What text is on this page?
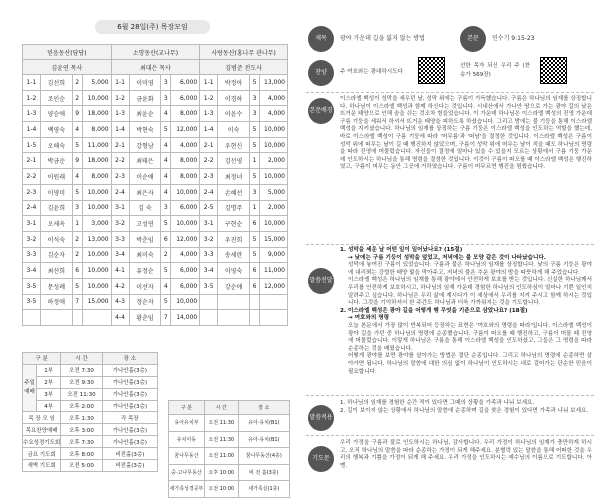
6월 28일(주) 목장모임
믿음동산(담당)				소망동산(교나무)				사랑동산(홍나무 관나무)			
김윤연 목사				최대은 목사				김범준 전도사			
1-1	김선희	2	5,000	1-1	이미영	3	6,000	1-1	박정아	5	13,000
1-2	조인순	2	10,000	1-2	금윤화	3	6,000	1-2	이경하	3	4,000
1-3	양승애	9	18,000	1-3	최윤순	4	8,000	1-3	이윤수	3	4,000
1-4	백영숙	4	8,000	1-4	박현숙	5	12,000	1-4	이숙	5	10,000
1-5	오해숙	5	11,000	2-1	강형남	4	4,000	2-1	우현신	5	10,000
2-1	박금순	9	18,000	2-2	최태은	4	8,000	2-2	김선영	1	2,000
2-2	이원래	4	8,000	2-3	이순애	4	8,000	2-3	최정녀	5	10,000
2-3	이영미	5	10,000	2-4	최은자	4	10,000	2-4	손혜선	3	5,000
2-4	김윤희	3	10,000	3-1	김 숙	3	6,000	2-5	김명주	1	2,000
3-1	오세옥	1	3,000	3-2	고성연	5	10,000	3-1	구현순	6	10,000
3-2	이석숙	2	13,000	3-3	박춘임	6	12,000	3-2	우진희	5	15,000
3-3	김순자	2	10,000	3-4	최미숙	2	4,000	3-3	송세란	5	9,000
3-4	최선희	6	10,000	4-1	유정순	5	6,000	3-4	이영숙	6	11,000
3-5	문성례	5	10,000	4-2	이선자	4	6,000	3-5	강순애	6	12,000
3-5	하정애	7	15,000	4-3	정순자	5	10,000				
				4-4	황춘임	7	14,000				
구 분		시 간	장 소
주일예배	1부	오전 7:30	가나안홀(3층)
	2부	오전 9:30	가나안홀(3층)
	3부	오전 11:30	가나안홀(3층)
	4부	오후 2:00	가나안홀(3층)
목 장 모 임		오후 1:30	각 목장
목요찬양예배		오후 3:00	가나안홀(3층)
수요성경기도회		오후 7:30	가나안홀(3층)
금요 기도회		오후 8:00	비전홀(3층)
새벽 기도회		오전 5:00	비전홀(3층)
구 분	시 간	장 소
유아유치부	오전 11:30	유아·유치(B1)
유치아동	오전 11:30	유아·유치(B1)
꿈나무동산	오전 11:00	꿈나무동산(4층)
중·고나무동산	오후 10:00	비 전 홀(3층)
새가족성경공부	오전 10:00	새가족실(1층)
제목	광야 가운데 길을 잃지 않는 방법	본문	민수기 9:15-23
찬양	주 여호와는 광대하시도다
선한 목자 되신 우리 주 (찬송가 569장)
본문배경
이스라엘 백성이 성막을 세우던 날, 성막 위에는 구름이 가득했습니다. 구름은 하나님의 임재를 상징합니다. 하나님이 이스라엘 백성과 함께 하신다는 것입니다. 시내산에서 가나안 땅으로 가는 광야 길의 낮은 뜨거운 태양으로 인해 숨을 쉬는 것조차 힘들었습니다. 이 가운데 하나님은 이스라엘 백성의 진영 가운데 구름 기둥을 세워서 하셔서 뜨거운 태양을 피하도록 하셨습니다. 그리고 밤에는 불 기둥을 통해 이스라엘 백성을 지키셨습니다. 하나님의 임재를 상징하는 구름 기둥은 이스라엘 백성을 인도하는 역할을 했는데, 바로 이스라엘 백성이 구름 기둥에 따라 '머무름'과 '떠남'을 결정한 것입니다. 이스라엘 백성은 구름이 성막 위에 떠무는 날이 길 때 행진하지 않았으며, 구름이 성막 위에 머무는 날이 적을 때도 하나님의 명령을 따라 진영에 머물렀습니다. 자신들이 결정에 얼마나 있을 수 있을지 모르는 상황에서 구름 기둥 가운데 인도하시는 하나님을 통해 명령을 결정한 것입니다. 이것이 구름이 떠오를 때 이스라엘 백성은 행진하였고, 구름이 머무는 동안 그곳에 거하였습니다. 구름이 머무르면 행진을 멈췄습니다.
말씀전달
1. 성막을 세운 날 어떤 일이 일어났나요? (15절)
→ 낮에는 구름 기둥이 성막을 덮었고, 저녁에는 불 모양 같은 것이 나타났습니다.
성막에 놓여진 구름이 있었습니다. 구름과 불은 하나님의 임재를 상징합니다. 낮의 구름 기둥은 광야에 내리쬐는 강렬한 태양 빛을 막아주고, 저녁의 불은 추운 광야의 밤을 따뜻하게 해 주었습니다.
이스라엘 백성은 하나님의 임재를 통해 광야에서 안전하게 보호를 받는 것입니다. 신실한 하나님께서 우리를 안전하게 보호하시고, 하나님의 임재 가운데 경험한 하나님의 인도하심이 얼마나 기쁜 일인지 알려주고 싶습니다. 하나님은 우리 삶에 계시다가 이 세상에서 우리를 지켜 주시고 함께 하시는 것입니다. 그것을 기억하셔서 한 주간도 하나님과 더욱 가까워지는 것을 기도합니다.
2. 이스라엘 백성은 광야 길을 어떻게 행 무엇을 기준으로 삼았나요? (18절)
→ 여호와의 명령
오늘 본문에서 가장 많이 반복되어 등장하는 표현은 '여호와의 명령을 따라'입니다. 이스라엘 백성이 광야 길을 가던 중 하나님의 명령에 순종했습니다. 구름이 떠오를 때 행진하고, 구름이 머물 때 진영에 머물렀습니다. 이렇게 하나님은 구름을 통해 이스라엘 백성을 인도하셨고, 그들은 그 명령을 따라 순종하는 것을 배웠습니다.
어떻게 광야를 보면 광야를 살아가는 방법은 결단 순종입니다. 그리고 하나님의 명령에 순종하면 살아가면 됩니다. 하나님의 말씀에 대한 의심 없이 하나님이 인도하시는 대로 걸어가는 단순한 믿음이 필요합니다.
말씀적용
1. 하나님의 임재를 경험한 순간 적이 있다면 그때의 상황을 가족과 나눠 보세요.
2. 길이 보이지 않는 상황에서 하나님의 말씀에 순종하며 길을 찾은 경험이 있다면 가족과 나눠 보세요.
기도문
우리 가정을 구름과 불로 인도하시는 하나님, 감사합니다. 우리 가정이 하나님의 임재가 충만하게 하시고, 오직 하나님의 말씀을 따라 순종하는 가정이 되게 해주세요. 분별력 있는 말씀을 통해 어떠한 것을 우리의 행복과 기쁨을 가정이 되게 해 주세요. 우리 가정을 인도하시는 예수님의 이름으로 기도합니다. 아멘.
